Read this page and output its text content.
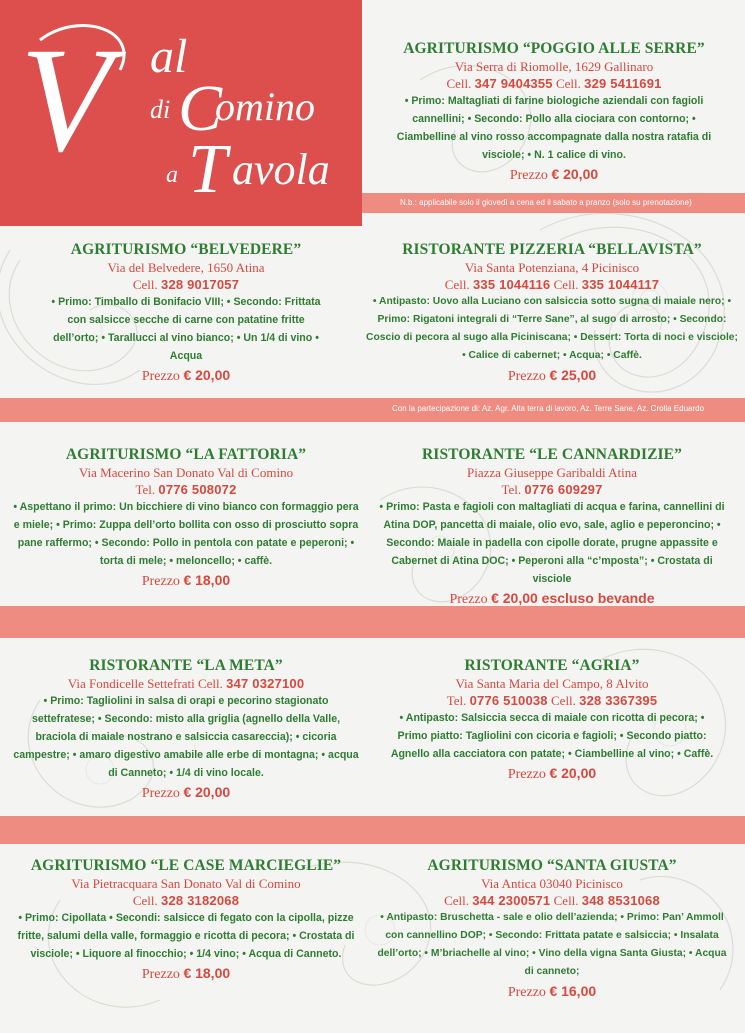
N.b.: applicabile solo il giovedì a cena ed il sabato a pranzo (solo su prenotazione)
Con la partecipazione di: Az. Agr. Alta terra di lavoro, Az. Terre Sane, Az. Crolla Eduardo
V al
di C
omino
a T avola
AGRITURISMO “POGGIO ALLE SERRE”
Via Serra di Riomolle, 1629 Gallinaro
Cell. 347 9404355 Cell. 329 5411691
• Primo: Maltagliati di farine biologiche aziendali con fagioli cannellini; • Secondo: Pollo alla ciociara con contorno; • Ciambelline al vino rosso accompagnate dalla nostra ratafia di visciole; • N. 1 calice di vino.
Prezzo € 20,00
AGRITURISMO “BELVEDERE”
Via del Belvedere, 1650 Atina
Cell. 328 9017057
• Primo: Timballo di Bonifacio VIII; • Secondo: Frittata con salsicce secche di carne con patatine fritte dell’orto; • Tarallucci al vino bianco; • Un 1/4 di vino • Acqua
Prezzo € 20,00
RISTORANTE PIZZERIA “BELLAVISTA”
Via Santa Potenziana, 4 Picinisco
Cell. 335 1044116 Cell. 335 1044117
• Antipasto: Uovo alla Luciano con salsiccia sotto sugna di maiale nero; • Primo: Rigatoni integrali di “Terre Sane”, al sugo di arrosto; • Secondo: Coscio di pecora al sugo alla Piciniscana; • Dessert: Torta di noci e visciole; • Calice di cabernet; • Acqua; • Caffè.
Prezzo € 25,00
AGRITURISMO “LA FATTORIA”
Via Macerino San Donato Val di Comino
Tel. 0776 508072
• Aspettano il primo: Un bicchiere di vino bianco con formaggio pera e miele; • Primo: Zuppa dell’orto bollita con osso di prosciutto sopra pane raffermo; • Secondo: Pollo in pentola con patate e peperoni; • torta di mele; • meloncello; • caffè.
Prezzo € 18,00
RISTORANTE “LE CANNARDIZIE”
Piazza Giuseppe Garibaldi Atina
Tel. 0776 609297
• Primo: Pasta e fagioli con maltagliati di acqua e farina, cannellini di Atina DOP, pancetta di maiale, olio evo, sale, aglio e peperoncino; • Secondo: Maiale in padella con cipolle dorate, prugne appassite e Cabernet di Atina DOC; • Peperoni alla “c’mposta”; • Crostata di visciole
Prezzo € 20,00 escluso bevande
RISTORANTE “LA META”
Via Fondicelle Settefrati Cell. 347 0327100
• Primo: Tagliolini in salsa di orapi e pecorino stagionato settefratese; • Secondo: misto alla griglia (agnello della Valle, braciola di maiale nostrano e salsiccia casareccia); • cicoria campestre; • amaro digestivo amabile alle erbe di montagna; • acqua di Canneto; • 1/4 di vino locale.
Prezzo € 20,00
RISTORANTE “AGRIA”
Via Santa Maria del Campo, 8 Alvito
Tel. 0776 510038 Cell. 328 3367395
• Antipasto: Salsiccia secca di maiale con ricotta di pecora; • Primo piatto: Tagliolini con cicoria e fagioli; • Secondo piatto: Agnello alla cacciatora con patate; • Ciambelline al vino; • Caffè.
Prezzo € 20,00
AGRITURISMO “LE CASE MARCIEGLIE”
Via Pietracquara San Donato Val di Comino
Cell. 328 3182068
• Primo: Cipollata • Secondi: salsicce di fegato con la cipolla, pizze fritte, salumi della valle, formaggio e ricotta di pecora; • Crostata di visciole; • Liquore al finocchio; • 1/4 vino; • Acqua di Canneto.
Prezzo € 18,00
AGRITURISMO “SANTA GIUSTA”
Via Antica 03040 Picinisco
Cell. 344 2300571 Cell. 348 8531068
• Antipasto: Bruschetta - sale e olio dell’azienda; • Primo: Pan’ Ammoll con cannellino DOP; • Secondo: Frittata patate e salsiccia; • Insalata dell’orto; • M’briachelle al vino; • Vino della vigna Santa Giusta; • Acqua di canneto;
Prezzo € 16,00
